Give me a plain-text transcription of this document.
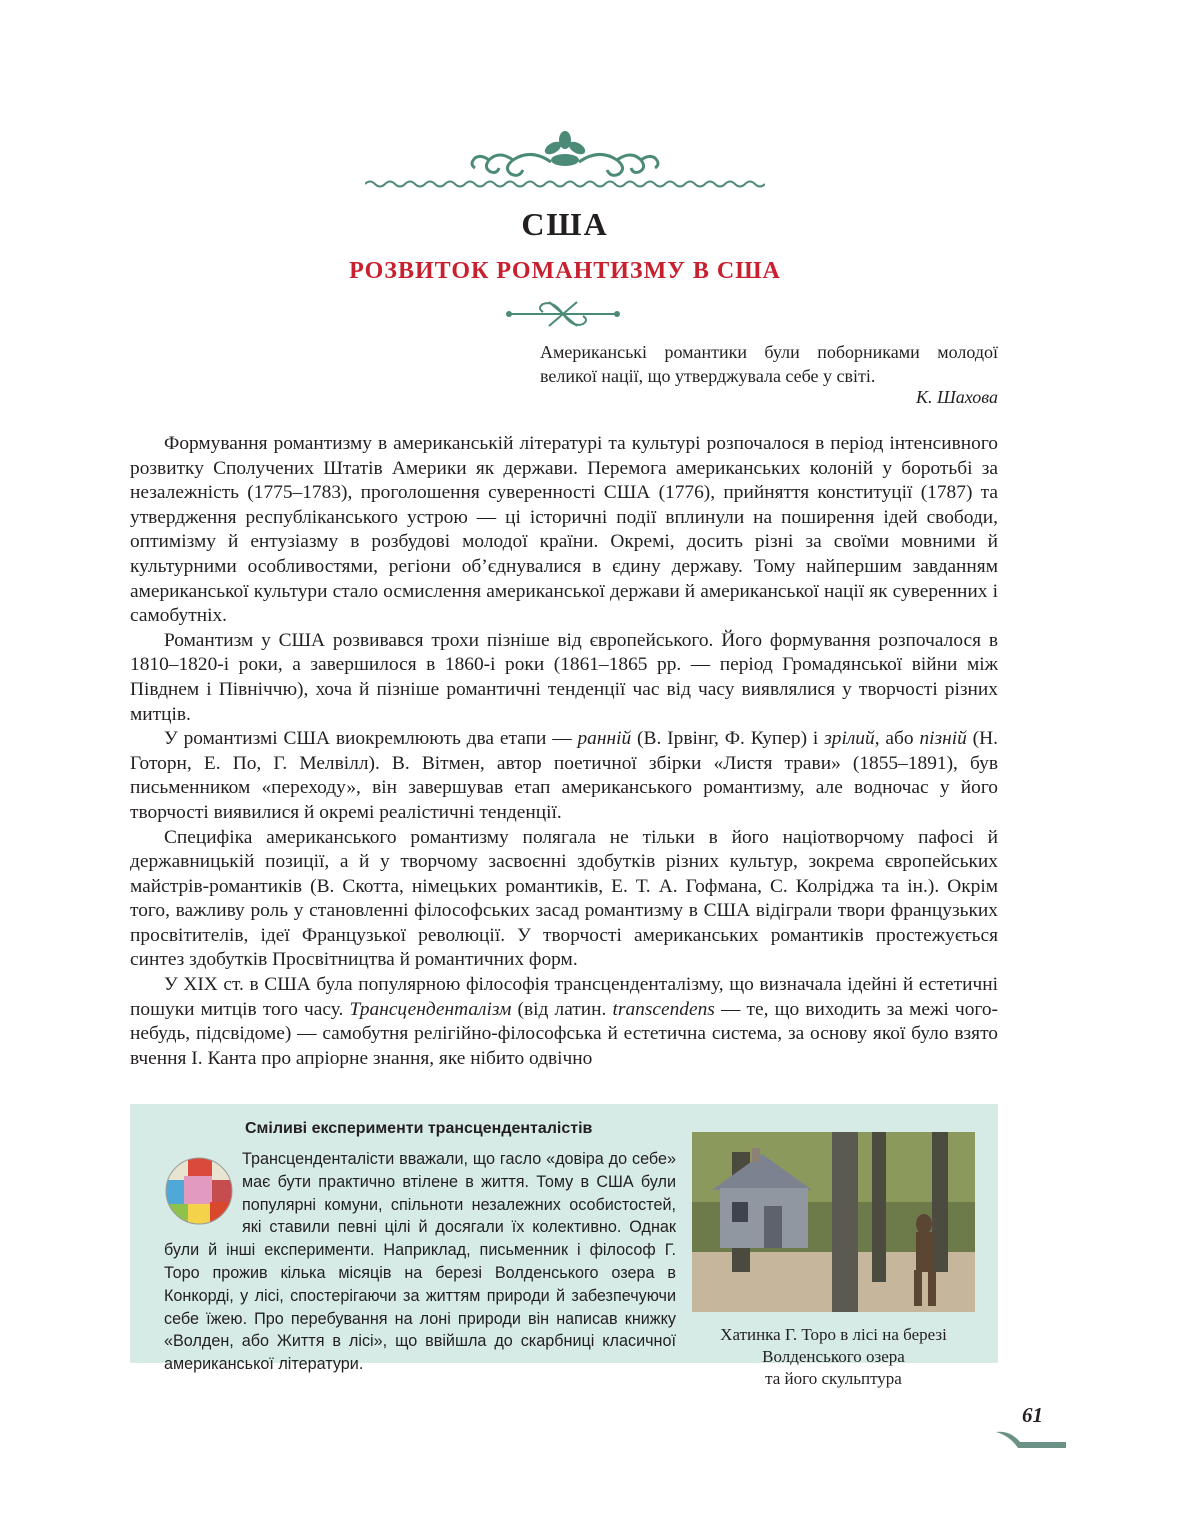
США
РОЗВИТОК РОМАНТИЗМУ В США
Американські романтики були поборниками молодої великої нації, що утверджувала себе у світі.
К. Шахова

Формування романтизму в американській літературі та культурі розпочалося в період інтенсивного розвитку Сполучених Штатів Америки як держави. Перемога американських колоній у боротьбі за незалежність (1775–1783), проголошення суверенності США (1776), прийняття конституції (1787) та утвердження республіканського устрою — ці історичні події вплинули на поширення ідей свободи, оптимізму й ентузіазму в розбудові молодої країни. Окремі, досить різні за своїми мовними й культурними особливостями, регіони об’єднувалися в єдину державу. Тому найпершим завданням американської культури стало осмислення американської держави й американської нації як суверенних і самобутніх.

Романтизм у США розвивався трохи пізніше від європейського. Його формування розпочалося в 1810–1820-і роки, а завершилося в 1860-і роки (1861–1865 рр. — період Громадянської війни між Півднем і Північчю), хоча й пізніше романтичні тенденції час від часу виявлялися у творчості різних митців.

У романтизмі США виокремлюють два етапи — ранній (В. Ірвінг, Ф. Купер) і зрілий, або пізній (Н. Готорн, Е. По, Г. Мелвілл). В. Вітмен, автор поетичної збірки «Листя трави» (1855–1891), був письменником «переходу», він завершував етап американського романтизму, але водночас у його творчості виявилися й окремі реалістичні тенденції.

Специфіка американського романтизму полягала не тільки в його націотворчому пафосі й державницькій позиції, а й у творчому засвоєнні здобутків різних культур, зокрема європейських майстрів-романтиків (В. Скотта, німецьких романтиків, Е. Т. А. Гофмана, С. Колріджа та ін.). Окрім того, важливу роль у становленні філософських засад романтизму в США відіграли твори французьких просвітителів, ідеї Французької революції. У творчості американських романтиків простежується синтез здобутків Просвітництва й романтичних форм.

У XIX ст. в США була популярною філософія трансценденталізму, що визначала ідейні й естетичні пошуки митців того часу. Трансценденталізм (від латин. transcendens — те, що виходить за межі чого-небудь, підсвідоме) — самобутня релігійно-філософська й естетична система, за основу якої було взято вчення І. Канта про апріорне знання, яке нібито одвічно

Сміливі експерименти трансценденталістів
Трансценденталісти вважали, що гасло «довіра до себе» має бути практично втілене в життя. Тому в США були популярні комуни, спільноти незалежних особистостей, які ставили певні цілі й досягали їх колективно. Однак були й інші експерименти. Наприклад, письменник і філософ Г. Торо прожив кілька місяців на березі Волденського озера в Конкорді, у лісі, спостерігаючи за життям природи й забезпечуючи себе їжею. Про перебування на лоні природи він написав книжку «Волден, або Життя в лісі», що ввійшла до скарбниці класичної американської літератури.
Хатинка Г. Торо в лісі на березі
Волденського озера
та його скульптура
61
